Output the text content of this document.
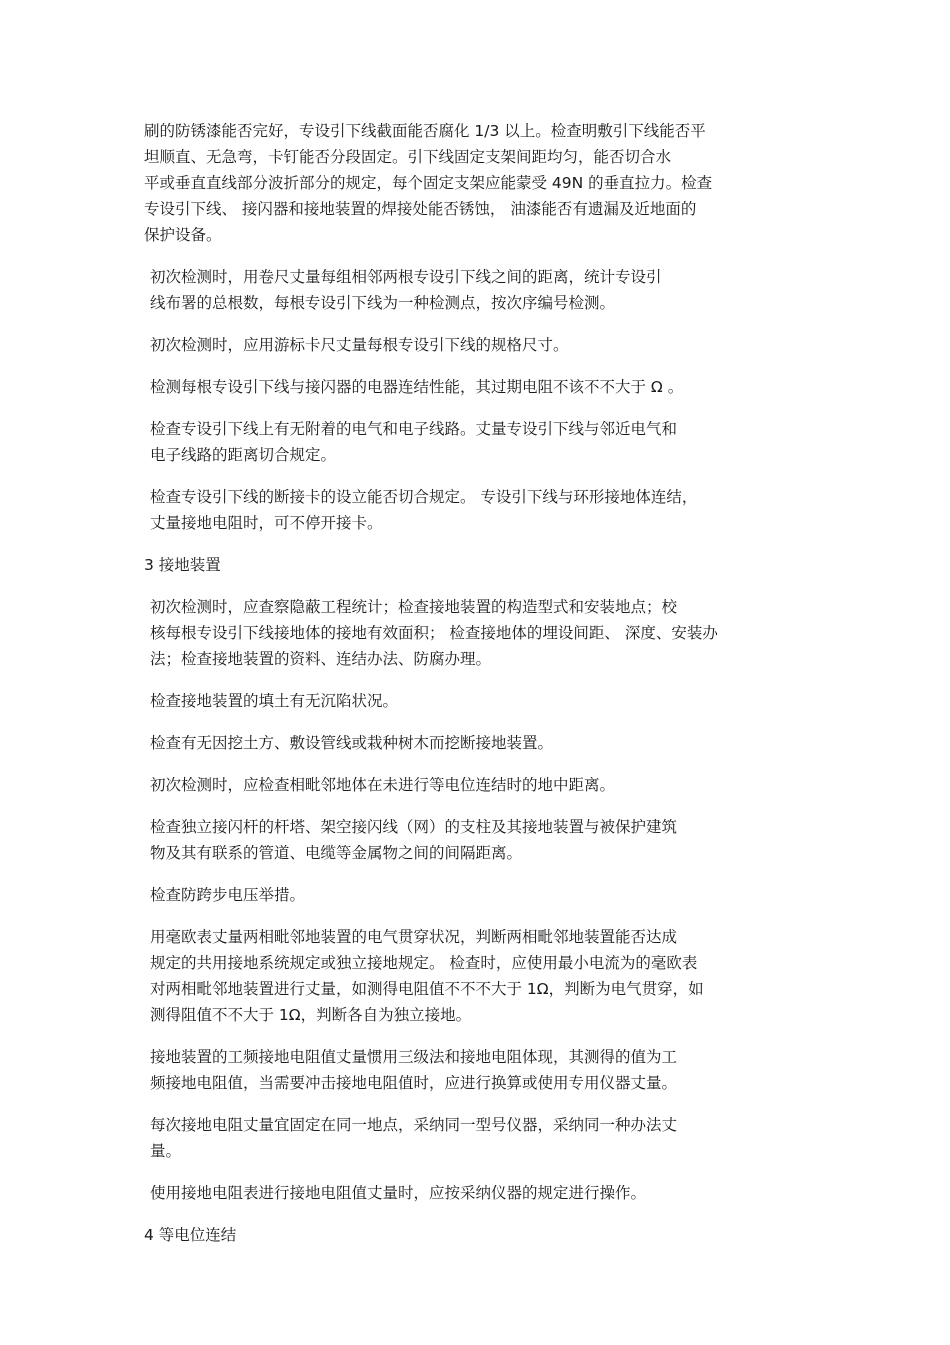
刷的防锈漆能否完好，专设引下线截面能否腐化 1/3 以上。检查明敷引下线能否平
坦顺直、无急弯，卡钉能否分段固定。引下线固定支架间距均匀，能否切合水
平或垂直直线部分波折部分的规定，每个固定支架应能蒙受 49N 的垂直拉力。检查
专设引下线、 接闪器和接地装置的焊接处能否锈蚀， 油漆能否有遗漏及近地面的
保护设备。
初次检测时，用卷尺丈量每组相邻两根专设引下线之间的距离，统计专设引
线布署的总根数，每根专设引下线为一种检测点，按次序编号检测。
初次检测时，应用游标卡尺丈量每根专设引下线的规格尺寸。
检测每根专设引下线与接闪器的电器连结性能，其过期电阻不该不不大于 Ω 。
检查专设引下线上有无附着的电气和电子线路。丈量专设引下线与邻近电气和
电子线路的距离切合规定。
检查专设引下线的断接卡的设立能否切合规定。 专设引下线与环形接地体连结，
丈量接地电阻时，可不停开接卡。
3 接地装置
初次检测时，应查察隐蔽工程统计；检查接地装置的构造型式和安装地点；校
核每根专设引下线接地体的接地有效面积； 检查接地体的埋设间距、 深度、安装办
法；检查接地装置的资料、连结办法、防腐办理。
检查接地装置的填土有无沉陷状况。
检查有无因挖土方、敷设管线或栽种树木而挖断接地装置。
初次检测时，应检查相毗邻地体在未进行等电位连结时的地中距离。
检查独立接闪杆的杆塔、架空接闪线（网）的支柱及其接地装置与被保护建筑
物及其有联系的管道、电缆等金属物之间的间隔距离。
检查防跨步电压举措。
用毫欧表丈量两相毗邻地装置的电气贯穿状况，判断两相毗邻地装置能否达成
规定的共用接地系统规定或独立接地规定。 检查时，应使用最小电流为的毫欧表
对两相毗邻地装置进行丈量，如测得电阻值不不不大于 1Ω，判断为电气贯穿，如
测得阻值不不大于 1Ω，判断各自为独立接地。
接地装置的工频接地电阻值丈量惯用三级法和接地电阻体现，其测得的值为工
频接地电阻值，当需要冲击接地电阻值时，应进行换算或使用专用仪器丈量。
每次接地电阻丈量宜固定在同一地点，采纳同一型号仪器，采纳同一种办法丈
量。
使用接地电阻表进行接地电阻值丈量时，应按采纳仪器的规定进行操作。
4 等电位连结
